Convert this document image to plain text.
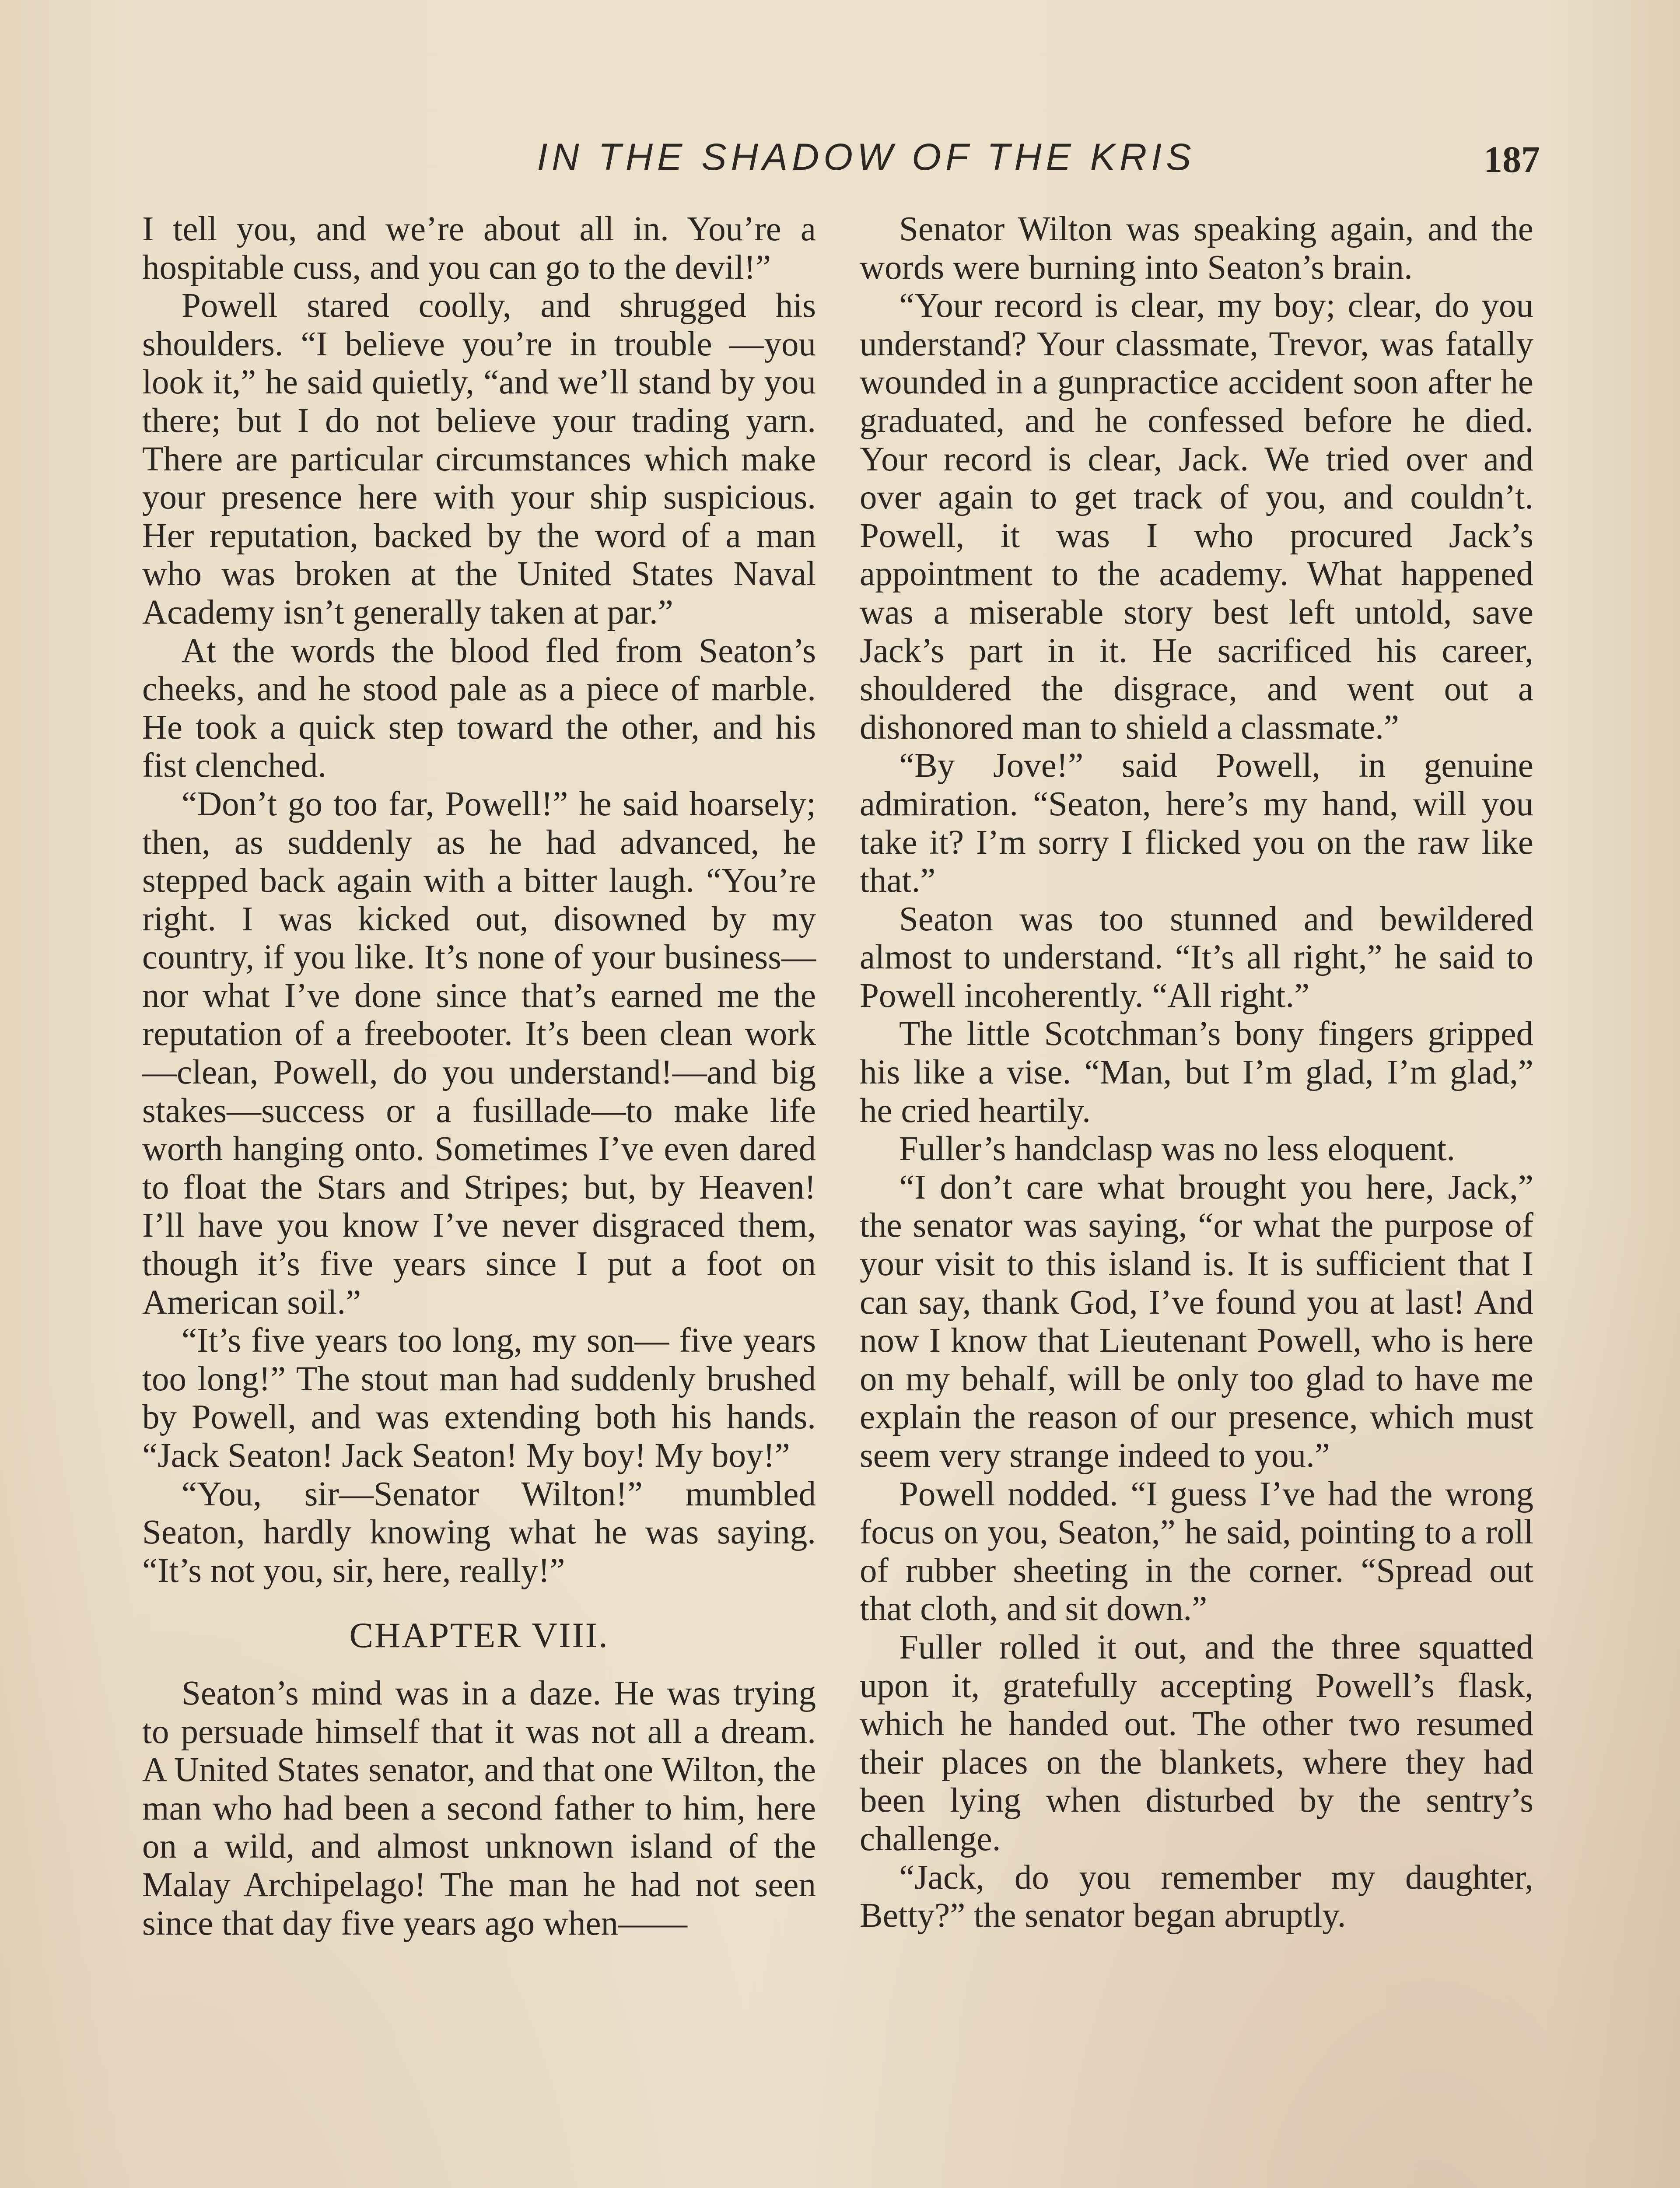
IN THE SHADOW OF THE KRIS	187

I tell you, and we’re about all in. You’re a hospitable cuss, and you can go to the devil!”

Powell stared coolly, and shrugged his shoulders. “I believe you’re in trouble —you look it,” he said quietly, “and we’ll stand by you there; but I do not believe your trading yarn. There are particular circumstances which make your presence here with your ship suspicious. Her reputation, backed by the word of a man who was broken at the United States Naval Academy isn’t generally taken at par.”

At the words the blood fled from Seaton’s cheeks, and he stood pale as a piece of marble. He took a quick step toward the other, and his fist clenched.

“Don’t go too far, Powell!” he said hoarsely; then, as suddenly as he had advanced, he stepped back again with a bitter laugh. “You’re right. I was kicked out, disowned by my country, if you like. It’s none of your business— nor what I’ve done since that’s earned me the reputation of a freebooter. It’s been clean work—clean, Powell, do you understand!—and big stakes—success or a fusillade—to make life worth hanging onto. Sometimes I’ve even dared to float the Stars and Stripes; but, by Heaven! I’ll have you know I’ve never disgraced them, though it’s five years since I put a foot on American soil.”

“It’s five years too long, my son— five years too long!” The stout man had suddenly brushed by Powell, and was extending both his hands. “Jack Seaton! Jack Seaton! My boy! My boy!”

“You, sir—Senator Wilton!” mumbled Seaton, hardly knowing what he was saying. “It’s not you, sir, here, really!”

CHAPTER VIII.

Seaton’s mind was in a daze. He was trying to persuade himself that it was not all a dream. A United States senator, and that one Wilton, the man who had been a second father to him, here on a wild, and almost unknown island of the Malay Archipelago! The man he had not seen since that day five years ago when——

Senator Wilton was speaking again, and the words were burning into Seaton’s brain.

“Your record is clear, my boy; clear, do you understand? Your classmate, Trevor, was fatally wounded in a gunpractice accident soon after he graduated, and he confessed before he died. Your record is clear, Jack. We tried over and over again to get track of you, and couldn’t. Powell, it was I who procured Jack’s appointment to the academy. What happened was a miserable story best left untold, save Jack’s part in it. He sacrificed his career, shouldered the disgrace, and went out a dishonored man to shield a classmate.”

“By Jove!” said Powell, in genuine admiration. “Seaton, here’s my hand, will you take it? I’m sorry I flicked you on the raw like that.”

Seaton was too stunned and bewildered almost to understand. “It’s all right,” he said to Powell incoherently. “All right.”

The little Scotchman’s bony fingers gripped his like a vise. “Man, but I’m glad, I’m glad,” he cried heartily.

Fuller’s handclasp was no less eloquent.

“I don’t care what brought you here, Jack,” the senator was saying, “or what the purpose of your visit to this island is. It is sufficient that I can say, thank God, I’ve found you at last! And now I know that Lieutenant Powell, who is here on my behalf, will be only too glad to have me explain the reason of our presence, which must seem very strange indeed to you.”

Powell nodded. “I guess I’ve had the wrong focus on you, Seaton,” he said, pointing to a roll of rubber sheeting in the corner. “Spread out that cloth, and sit down.”

Fuller rolled it out, and the three squatted upon it, gratefully accepting Powell’s flask, which he handed out. The other two resumed their places on the blankets, where they had been lying when disturbed by the sentry’s challenge.

“Jack, do you remember my daughter, Betty?” the senator began abruptly.
